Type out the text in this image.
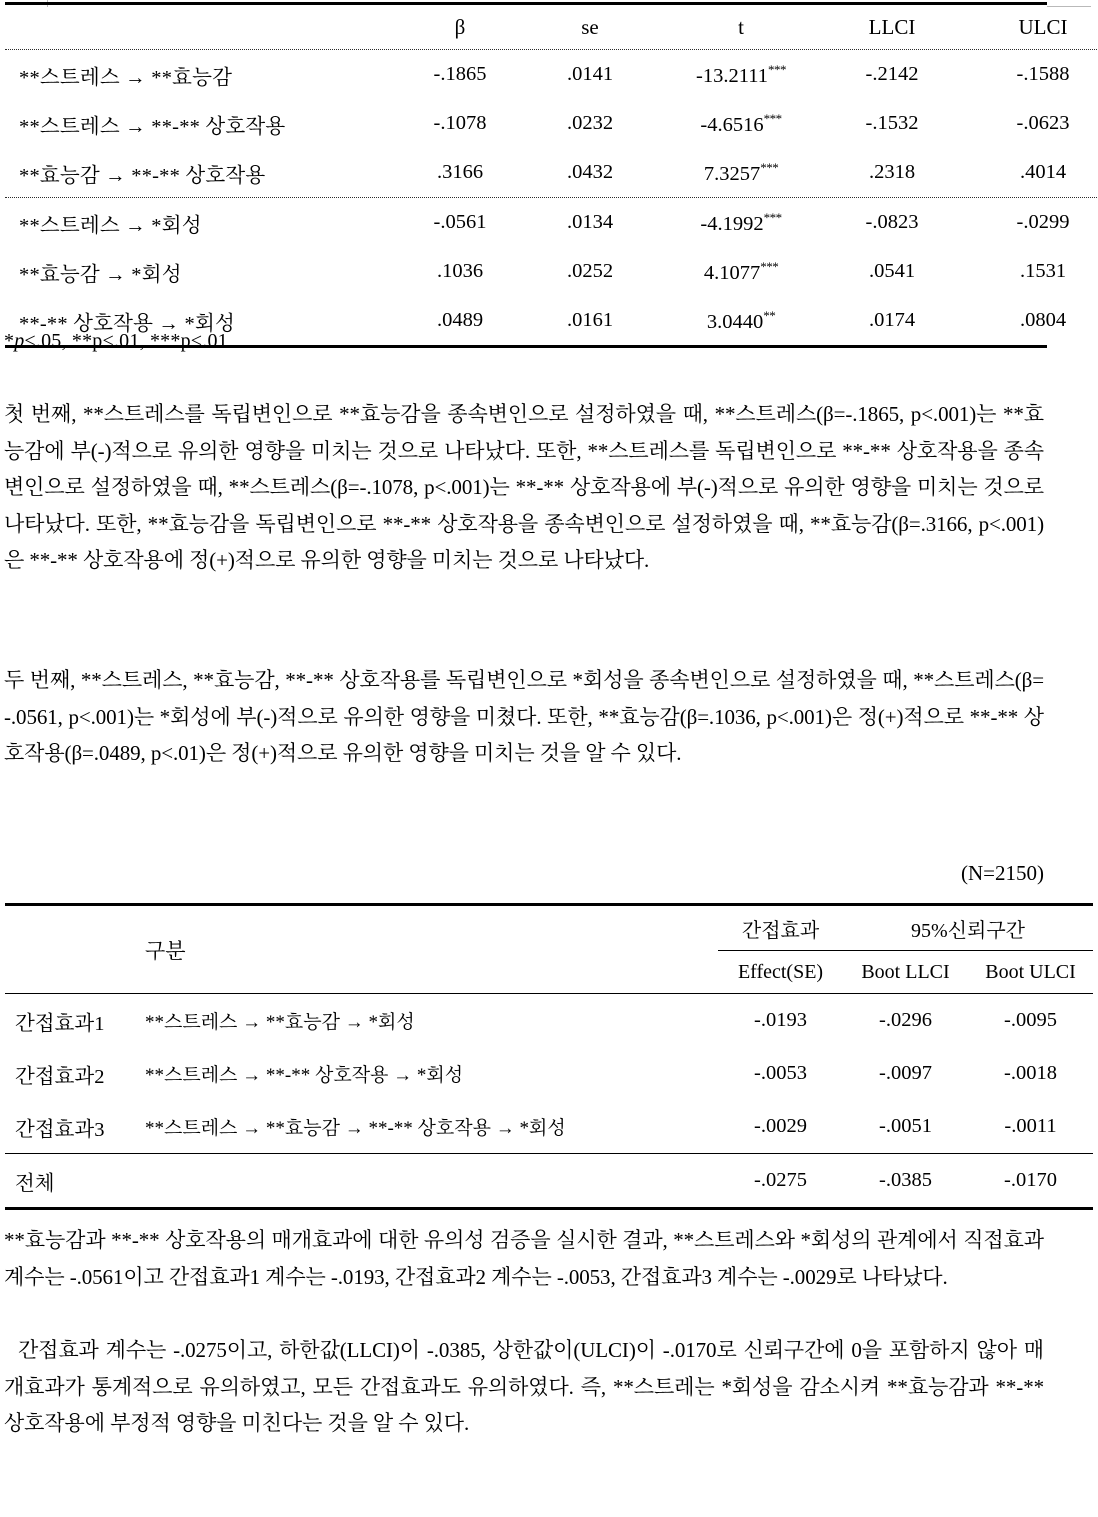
	β	se	t	LLCI	ULCI

**스트레스 → **효능감	-.1865	.0141	-13.2111***	-.2142	-.1588
**스트레스 → **-** 상호작용	-.1078	.0232	-4.6516***	-.1532	-.0623
**효능감 → **-** 상호작용	.3166	.0432	7.3257***	.2318	.4014

**스트레스 → *회성	-.0561	.0134	-4.1992***	-.0823	-.0299
**효능감 → *회성	.1036	.0252	4.1077***	.0541	.1531
**-** 상호작용 → *회성	.0489	.0161	3.0440**	.0174	.0804
*p<.05, **p<.01, ***p<.01
첫 번째, **스트레스를 독립변인으로 **효능감을 종속변인으로 설정하였을 때, **스트레스(β=-.1865, p<.001)는 **효능감에 부(-)적으로 유의한 영향을 미치는 것으로 나타났다. 또한, **스트레스를 독립변인으로 **-** 상호작용을 종속변인으로 설정하였을 때, **스트레스(β=-.1078, p<.001)는 **-** 상호작용에 부(-)적으로 유의한 영향을 미치는 것으로 나타났다. 또한, **효능감을 독립변인으로 **-** 상호작용을 종속변인으로 설정하였을 때, **효능감(β=.3166, p<.001)은 **-** 상호작용에 정(+)적으로 유의한 영향을 미치는 것으로 나타났다.
두 번째, **스트레스, **효능감, **-** 상호작용를 독립변인으로 *회성을 종속변인으로 설정하였을 때, **스트레스(β=-.0561, p<.001)는 *회성에 부(-)적으로 유의한 영향을 미쳤다. 또한, **효능감(β=.1036, p<.001)은 정(+)적으로 **-** 상호작용(β=.0489, p<.01)은 정(+)적으로 유의한 영향을 미치는 것을 알 수 있다.
(N=2150)
구분		간접효과	95%신뢰구간	
		Effect(SE)	Boot LLCI	Boot ULCI

간접효과1	**스트레스 → **효능감 → *회성	-.0193	-.0296	-.0095
간접효과2	**스트레스 → **-** 상호작용 → *회성	-.0053	-.0097	-.0018
간접효과3	**스트레스 → **효능감 → **-** 상호작용 → *회성	-.0029	-.0051	-.0011

전체		-.0275	-.0385	-.0170
**효능감과 **-** 상호작용의 매개효과에 대한 유의성 검증을 실시한 결과, **스트레스와 *회성의 관계에서 직접효과 계수는 -.0561이고 간접효과1 계수는 -.0193, 간접효과2 계수는 -.0053, 간접효과3 계수는 -.0029로 나타났다.
간접효과 계수는 -.0275이고, 하한값(LLCI)이 -.0385, 상한값이(ULCI)이 -.0170로 신뢰구간에 0을 포함하지 않아 매개효과가 통계적으로 유의하였고, 모든 간접효과도 유의하였다. 즉, **스트레는 *회성을 감소시켜 **효능감과 **-** 상호작용에 부정적 영향을 미친다는 것을 알 수 있다.
